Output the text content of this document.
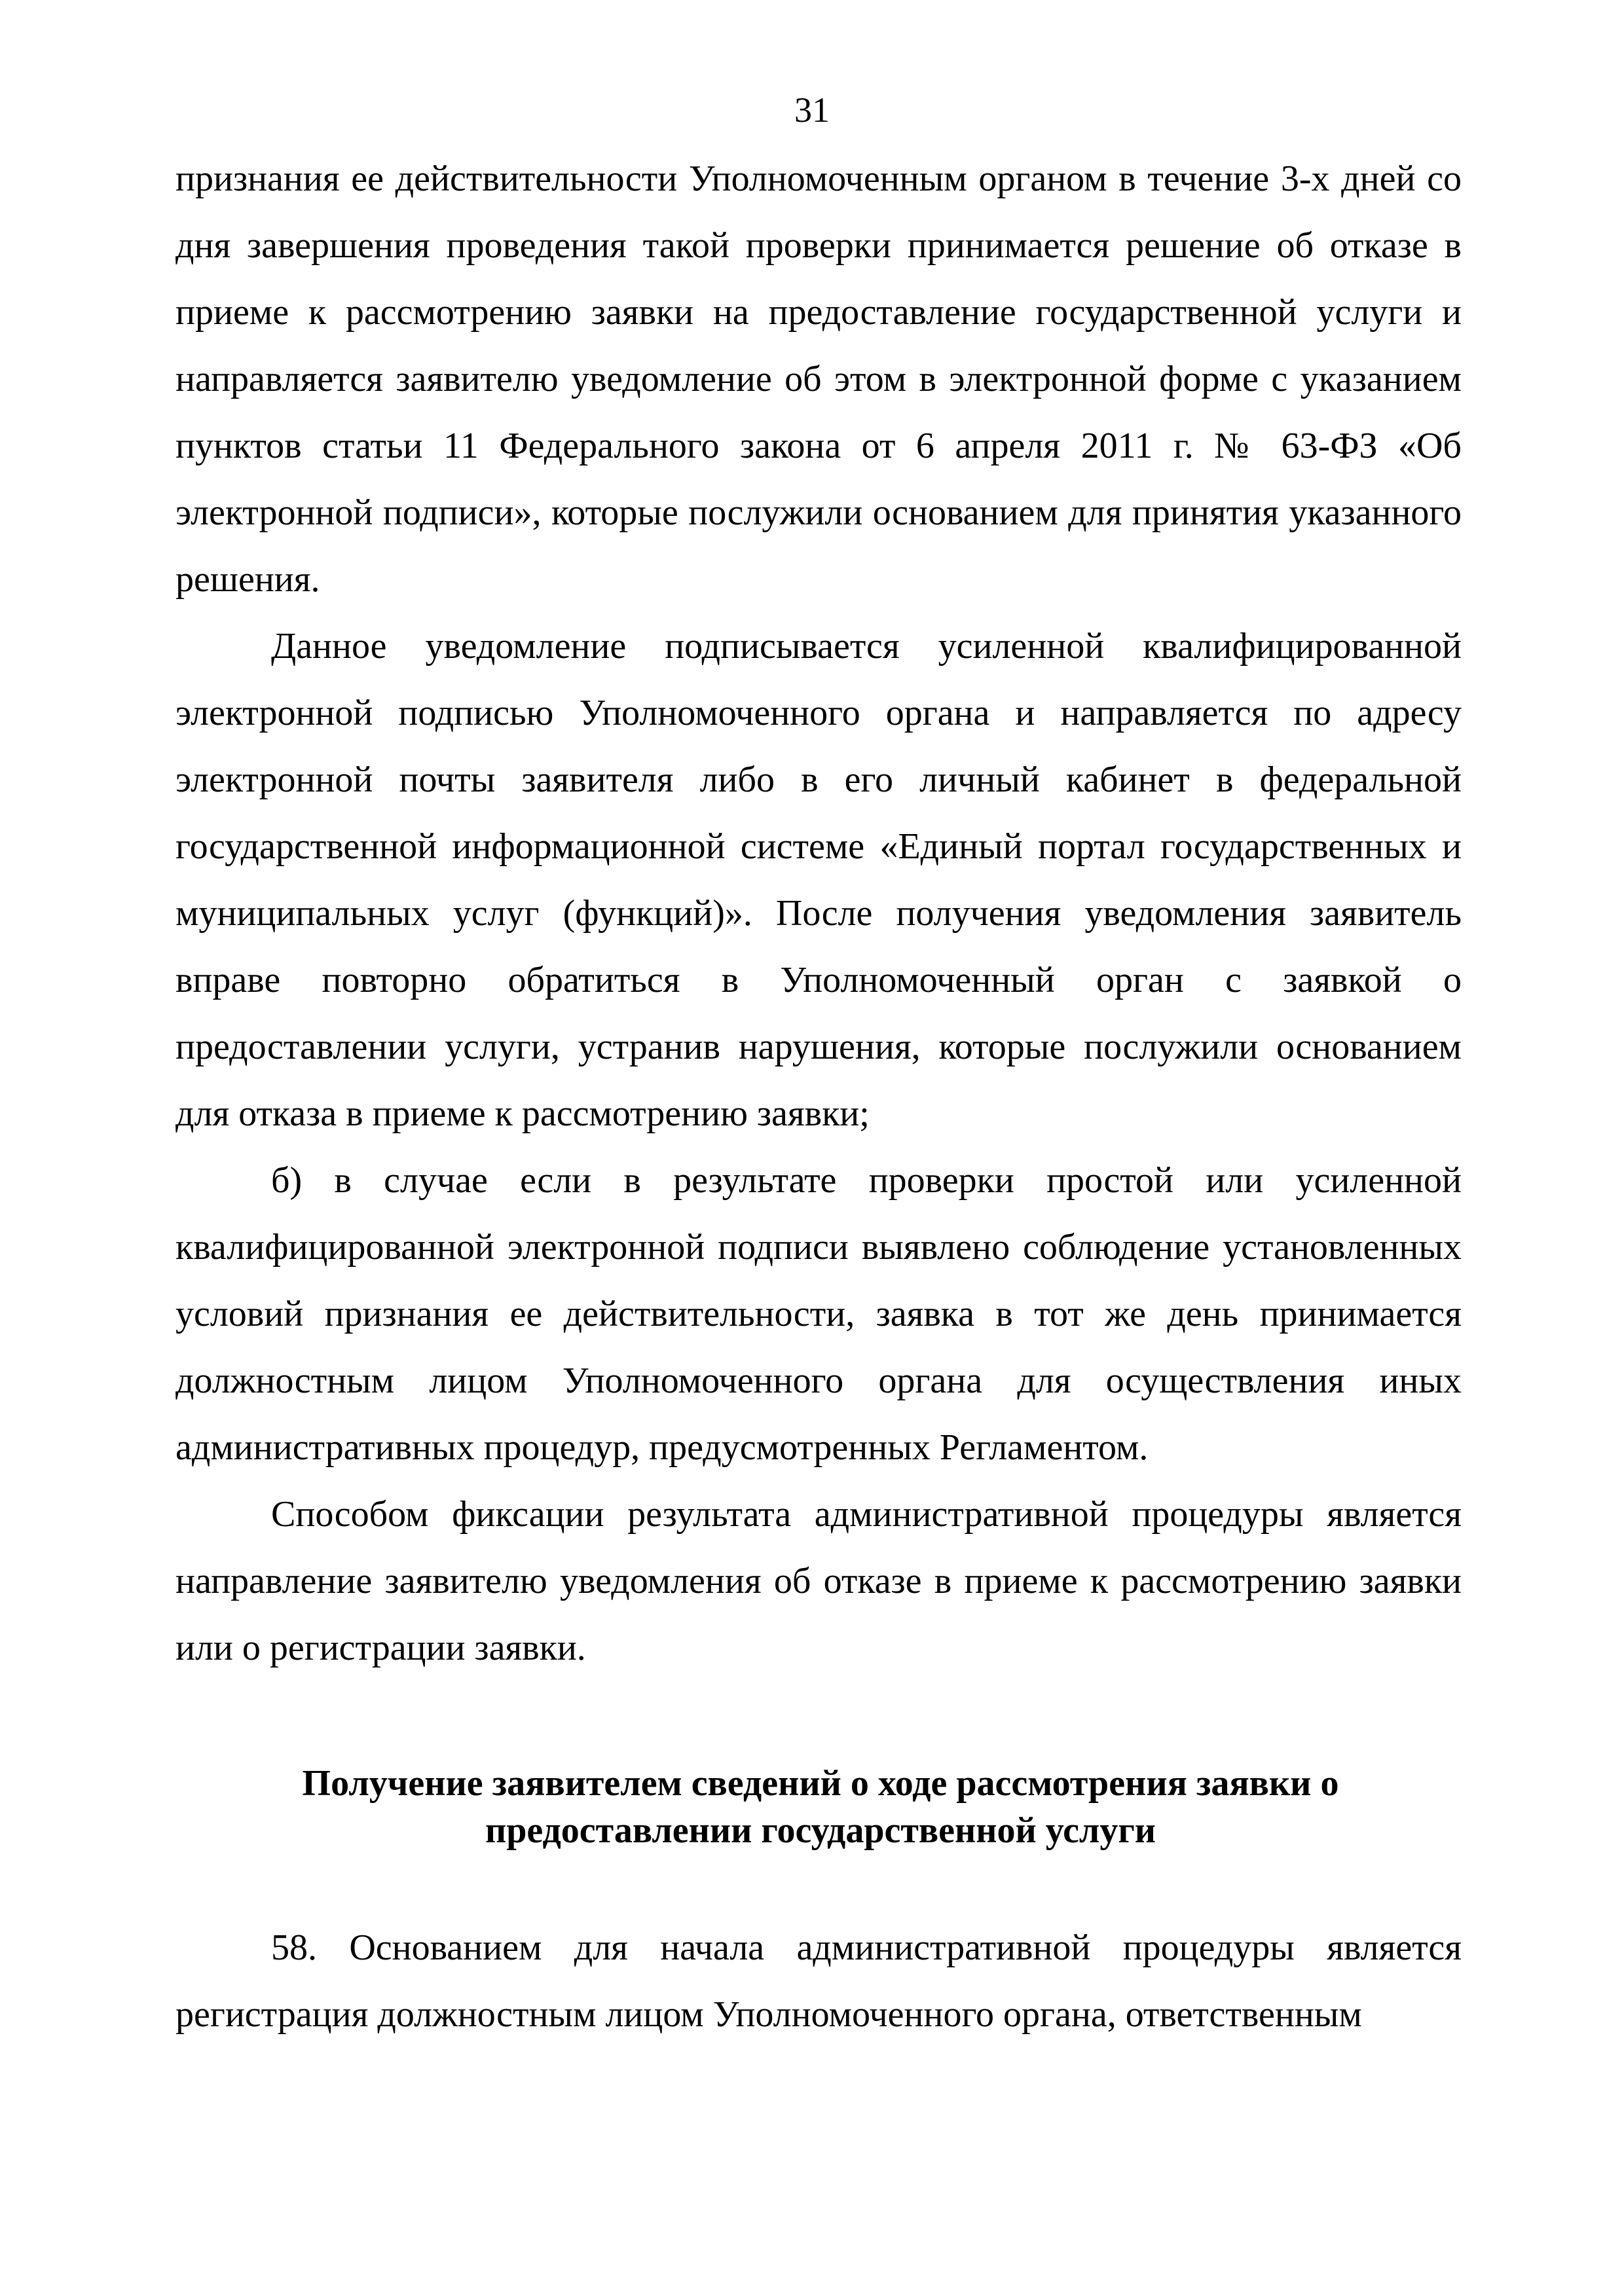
31

признания ее действительности Уполномоченным органом в течение 3-х дней со дня завершения проведения такой проверки принимается решение об отказе в приеме к рассмотрению заявки на предоставление государственной услуги и направляется заявителю уведомление об этом в электронной форме с указанием пунктов статьи 11 Федерального закона от 6 апреля 2011 г. № 63-ФЗ «Об электронной подписи», которые послужили основанием для принятия указанного решения.

Данное уведомление подписывается усиленной квалифицированной электронной подписью Уполномоченного органа и направляется по адресу электронной почты заявителя либо в его личный кабинет в федеральной государственной информационной системе «Единый портал государственных и муниципальных услуг (функций)». После получения уведомления заявитель вправе повторно обратиться в Уполномоченный орган с заявкой о предоставлении услуги, устранив нарушения, которые послужили основанием для отказа в приеме к рассмотрению заявки;

б) в случае если в результате проверки простой или усиленной квалифицированной электронной подписи выявлено соблюдение установленных условий признания ее действительности, заявка в тот же день принимается должностным лицом Уполномоченного органа для осуществления иных административных процедур, предусмотренных Регламентом.

Способом фиксации результата административной процедуры является направление заявителю уведомления об отказе в приеме к рассмотрению заявки или о регистрации заявки.

Получение заявителем сведений о ходе рассмотрения заявки о
предоставлении государственной услуги

58. Основанием для начала административной процедуры является регистрация должностным лицом Уполномоченного органа, ответственным
